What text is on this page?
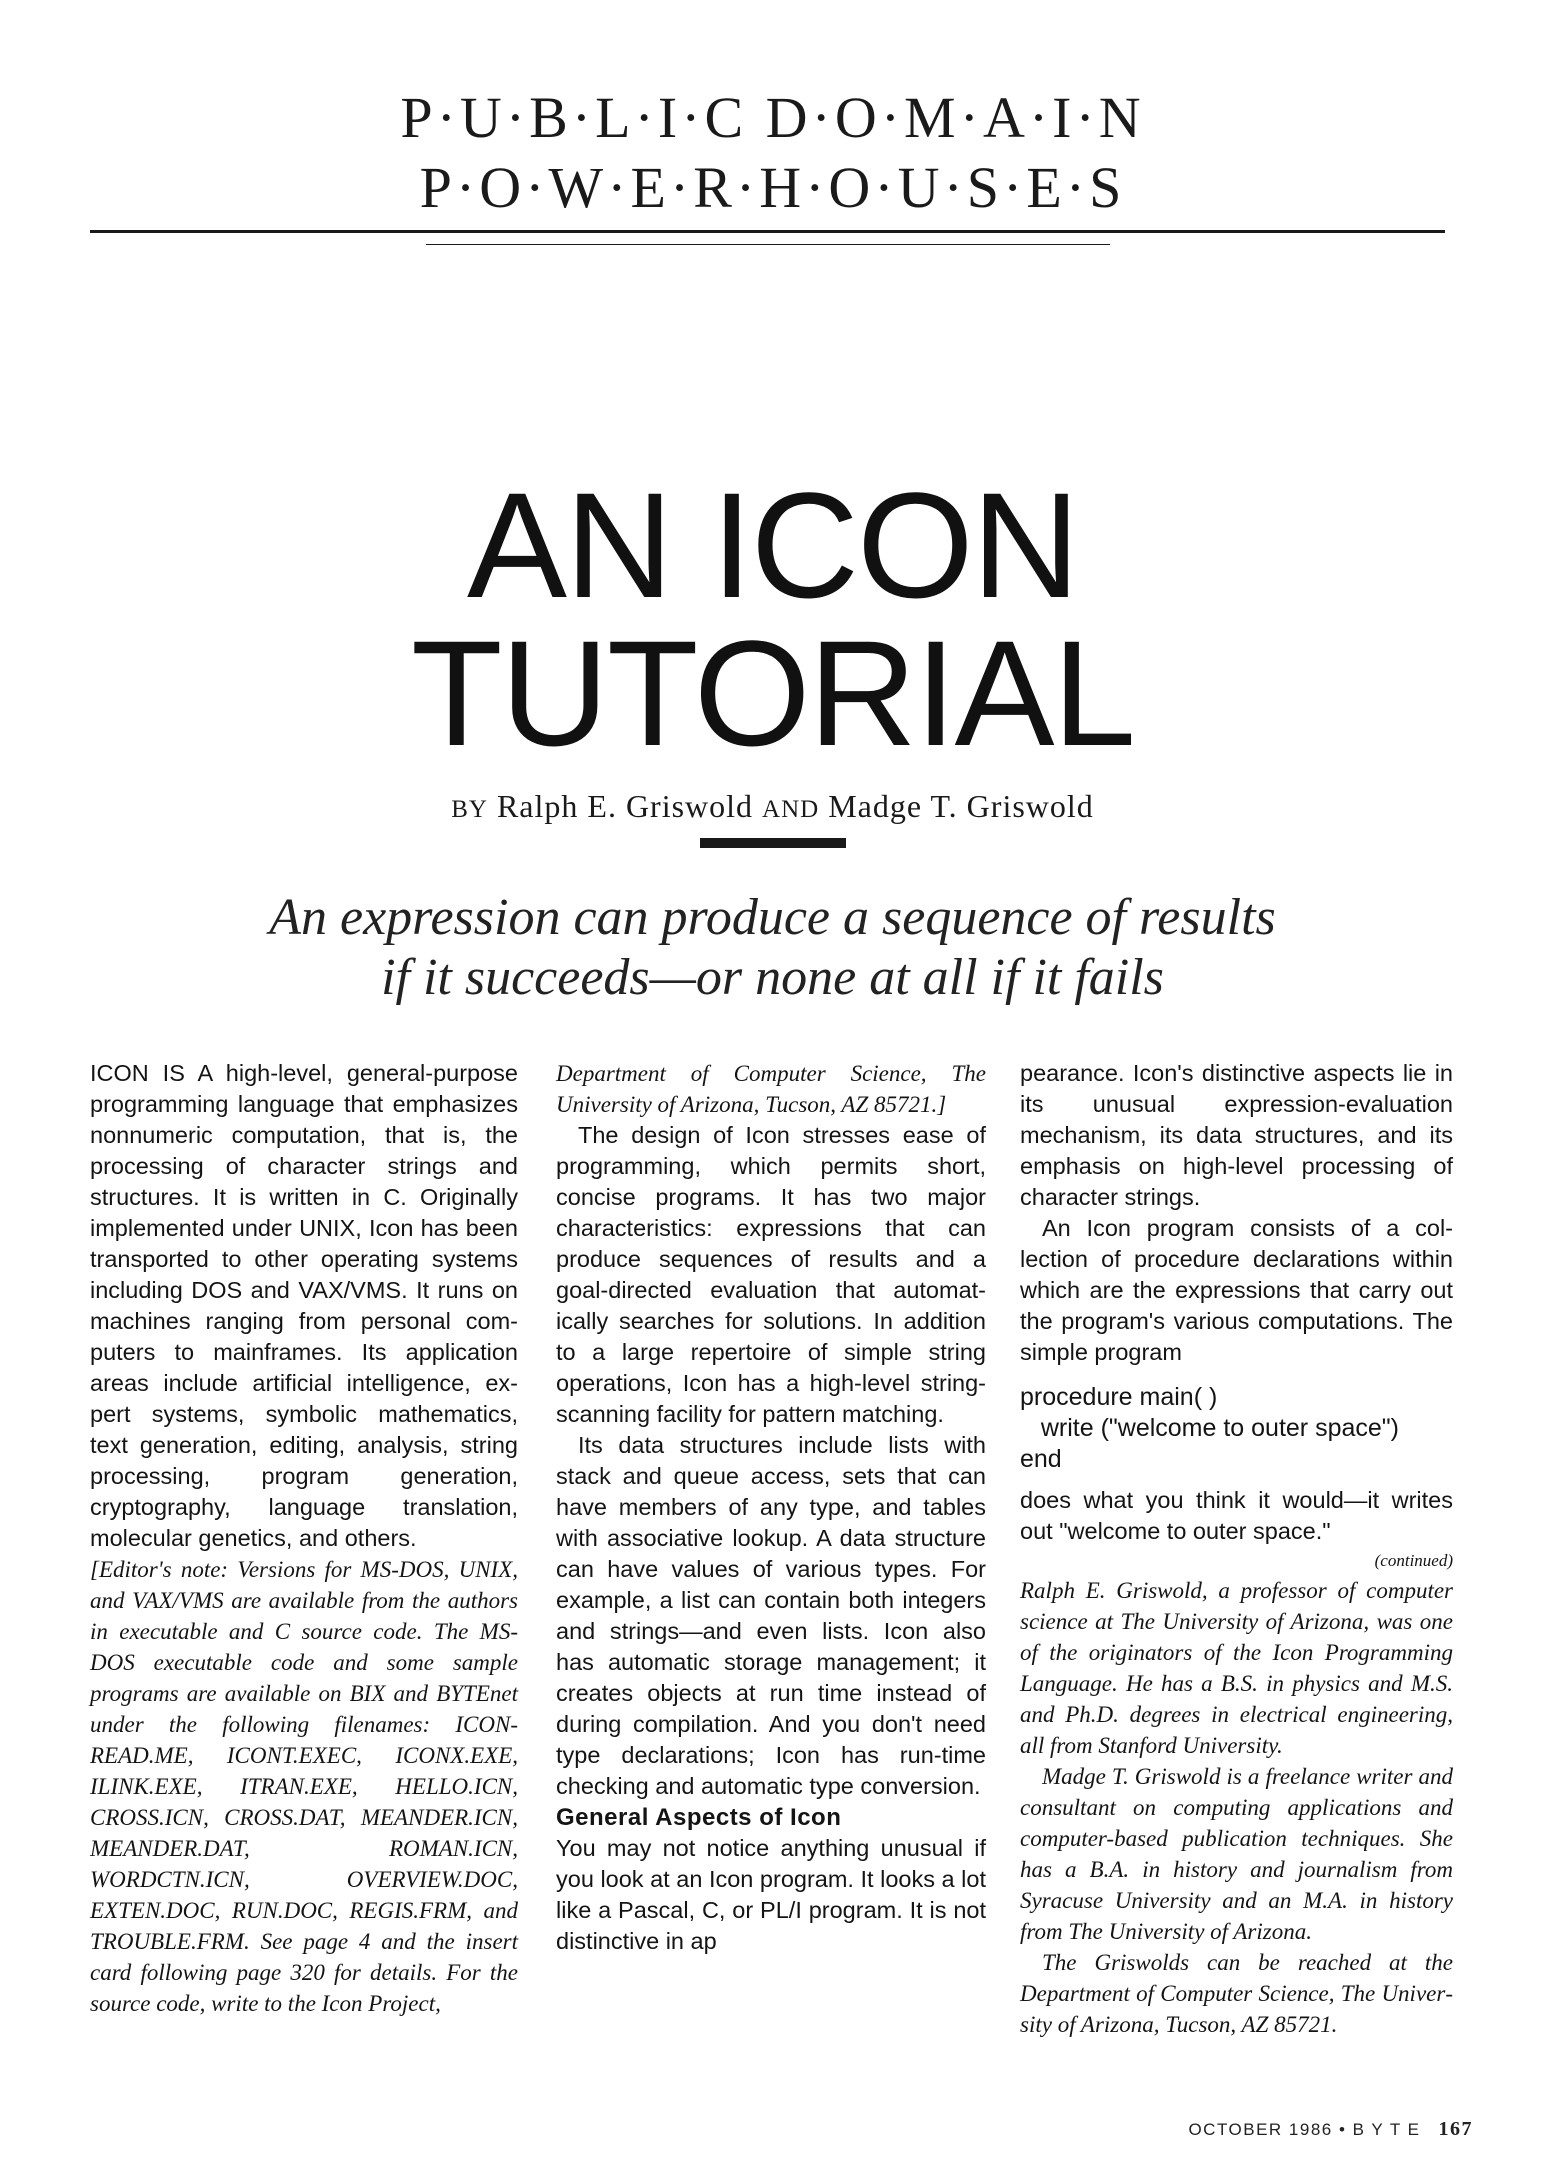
P·U·B·L·I·C D·O·M·A·I·N
P·O·W·E·R·H·O·U·S·E·S
AN ICON
TUTORIAL
BY Ralph E. Griswold AND Madge T. Griswold
An expression can produce a sequence of results
if it succeeds—or none at all if it fails

ICON IS A high-level, general-purpose programming language that emphasizes nonnumeric computation, that is, the processing of character strings and structures. It is written in C. Originally implemented under UNIX, Icon has been transported to other operating systems including DOS and VAX/VMS. It runs on machines ranging from personal computers to mainframes. Its application areas include artificial intelligence, expert systems, symbolic mathematics, text generation, editing, analysis, string processing, program generation, cryptography, language translation, molecular genetics, and others.

[Editor's note: Versions for MS-DOS, UNIX, and VAX/VMS are available from the authors in executable and C source code. The MS-DOS executable code and some sample programs are available on BIX and BYTEnet under the following filenames: ICON-READ.ME, ICONT.EXEC, ICONX.EXE, ILINK.EXE, ITRAN.EXE, HELLO.ICN, CROSS.ICN, CROSS.DAT, MEANDER.ICN, MEANDER.DAT, ROMAN.ICN, WORDCTN.ICN, OVERVIEW.DOC, EXTEN.DOC, RUN.DOC, REGIS.FRM, and TROUBLE.FRM. See page 4 and the insert card following page 320 for details. For the source code, write to the Icon Project,

Department of Computer Science, The University of Arizona, Tucson, AZ 85721.]

The design of Icon stresses ease of programming, which permits short, concise programs. It has two major characteristics: expressions that can produce sequences of results and a goal-directed evaluation that automatically searches for solutions. In addition to a large repertoire of simple string operations, Icon has a high-level string-scanning facility for pattern matching.

Its data structures include lists with stack and queue access, sets that can have members of any type, and tables with associative lookup. A data structure can have values of various types. For example, a list can contain both integers and strings—and even lists. Icon also has automatic storage management; it creates objects at run time instead of during compilation. And you don't need type declarations; Icon has run-time checking and automatic type conversion.

General Aspects of Icon

You may not notice anything unusual if you look at an Icon program. It looks a lot like a Pascal, C, or PL/I program. It is not distinctive in ap

pearance. Icon's distinctive aspects lie in its unusual expression-evaluation mechanism, its data structures, and its emphasis on high-level processing of character strings.

An Icon program consists of a collection of procedure declarations within which are the expressions that carry out the program's various computations. The simple program

procedure main( )
write ("welcome to outer space")
end

does what you think it would—it writes out "welcome to outer space."

(continued)

Ralph E. Griswold, a professor of computer science at The University of Arizona, was one of the originators of the Icon Programming Language. He has a B.S. in physics and M.S. and Ph.D. degrees in electrical engineering, all from Stanford University.

Madge T. Griswold is a freelance writer and consultant on computing applications and computer-based publication techniques. She has a B.A. in history and journalism from Syracuse University and an M.A. in history from The University of Arizona.

The Griswolds can be reached at the Department of Computer Science, The University of Arizona, Tucson, AZ 85721.

OCTOBER 1986 • B Y T E 167
